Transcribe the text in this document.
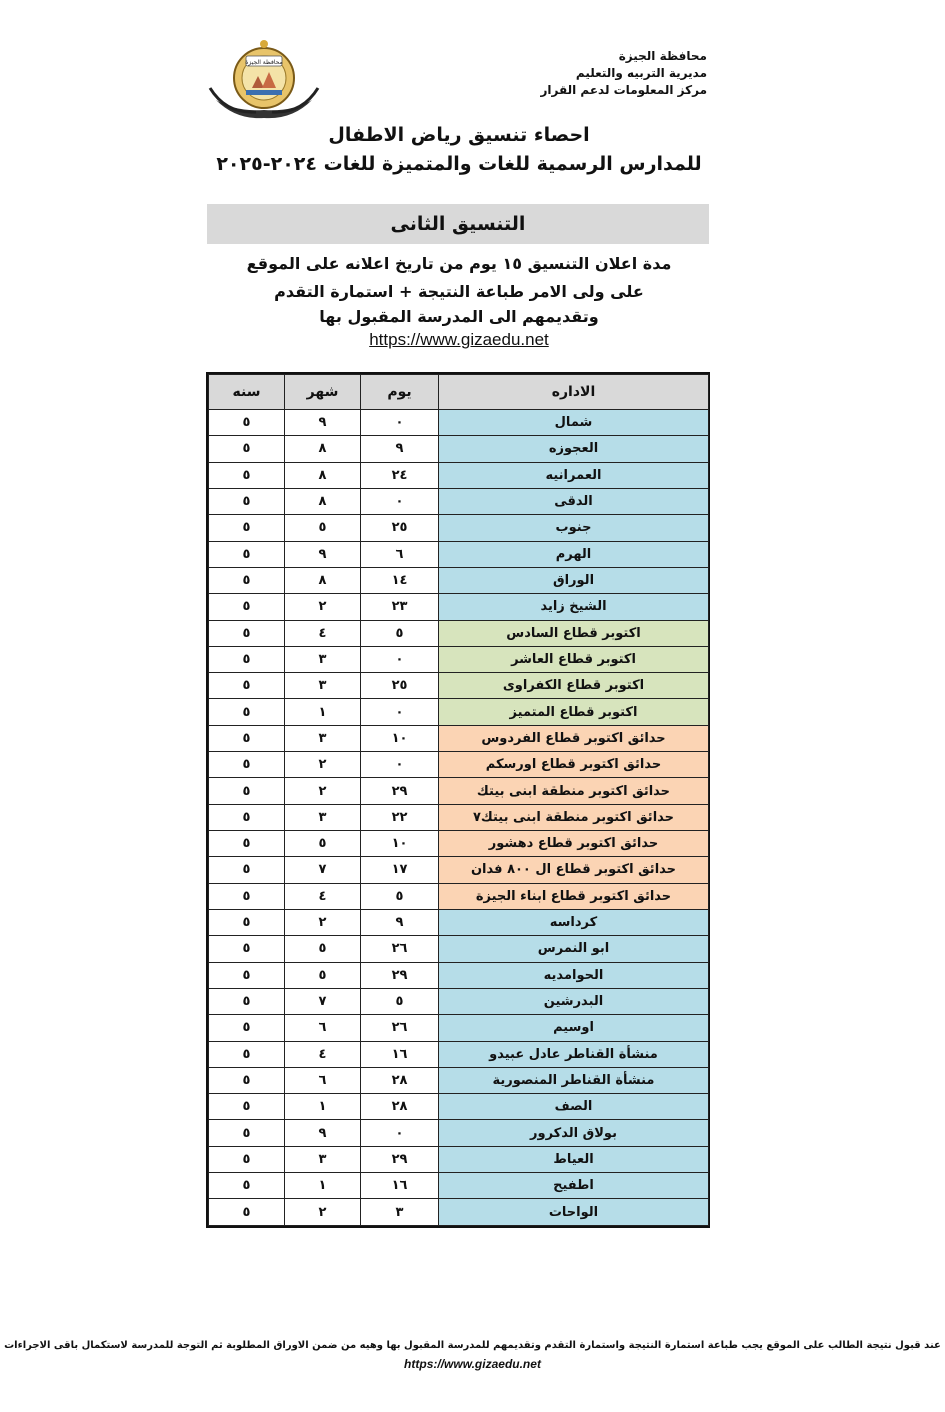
محافظة الجيزة
مديرية التربيه والتعليم
مركز المعلومات لدعم القرار
محافظة الجيزة
احصاء تنسيق رياض الاطفال
للمدارس الرسمية للغات والمتميزة للغات ٢٠٢٤-٢٠٢٥
التنسيق الثانى
مدة اعلان التنسيق ١٥ يوم من تاريخ اعلانه على الموقع
على ولى الامر طباعة النتيجة + استمارة التقدم
وتقديمهم الى المدرسة المقبول بها
https://www.gizaedu.net
الاداره	يوم	شهر	سنه
شمال	٠	٩	٥
العجوزه	٩	٨	٥
العمرانيه	٢٤	٨	٥
الدقى	٠	٨	٥
جنوب	٢٥	٥	٥
الهرم	٦	٩	٥
الوراق	١٤	٨	٥
الشيخ زايد	٢٣	٢	٥
اكتوبر قطاع السادس	٥	٤	٥
اكتوبر قطاع العاشر	٠	٣	٥
اكتوبر قطاع الكفراوى	٢٥	٣	٥
اكتوبر قطاع المتميز	٠	١	٥
حدائق اكتوبر قطاع الفردوس	١٠	٣	٥
حدائق اكتوبر قطاع اورسكم	٠	٢	٥
حدائق اكتوبر منطقة ابنى بيتك	٢٩	٢	٥
حدائق اكتوبر منطقة ابنى بيتك٧	٢٢	٣	٥
حدائق اكتوبر قطاع دهشور	١٠	٥	٥
حدائق اكتوبر قطاع ال ٨٠٠ فدان	١٧	٧	٥
حدائق اكتوبر قطاع ابناء الجيزة	٥	٤	٥
كرداسه	٩	٢	٥
ابو النمرس	٢٦	٥	٥
الحوامديه	٢٩	٥	٥
البدرشين	٥	٧	٥
اوسيم	٢٦	٦	٥
منشأة القناطر عادل عبيدو	١٦	٤	٥
منشأة القناطر المنصورية	٢٨	٦	٥
الصف	٢٨	١	٥
بولاق الدكرور	٠	٩	٥
العياط	٢٩	٣	٥
اطفيح	١٦	١	٥
الواحات	٣	٢	٥
عند قبول نتيجة الطالب على الموقع يجب طباعة استمارة النتيجة واستمارة التقدم وتقديمهم للمدرسة المقبول بها وهيه من ضمن الاوراق المطلوبة ثم التوجة للمدرسة لاستكمال باقى الاجراءات
https://www.gizaedu.net
